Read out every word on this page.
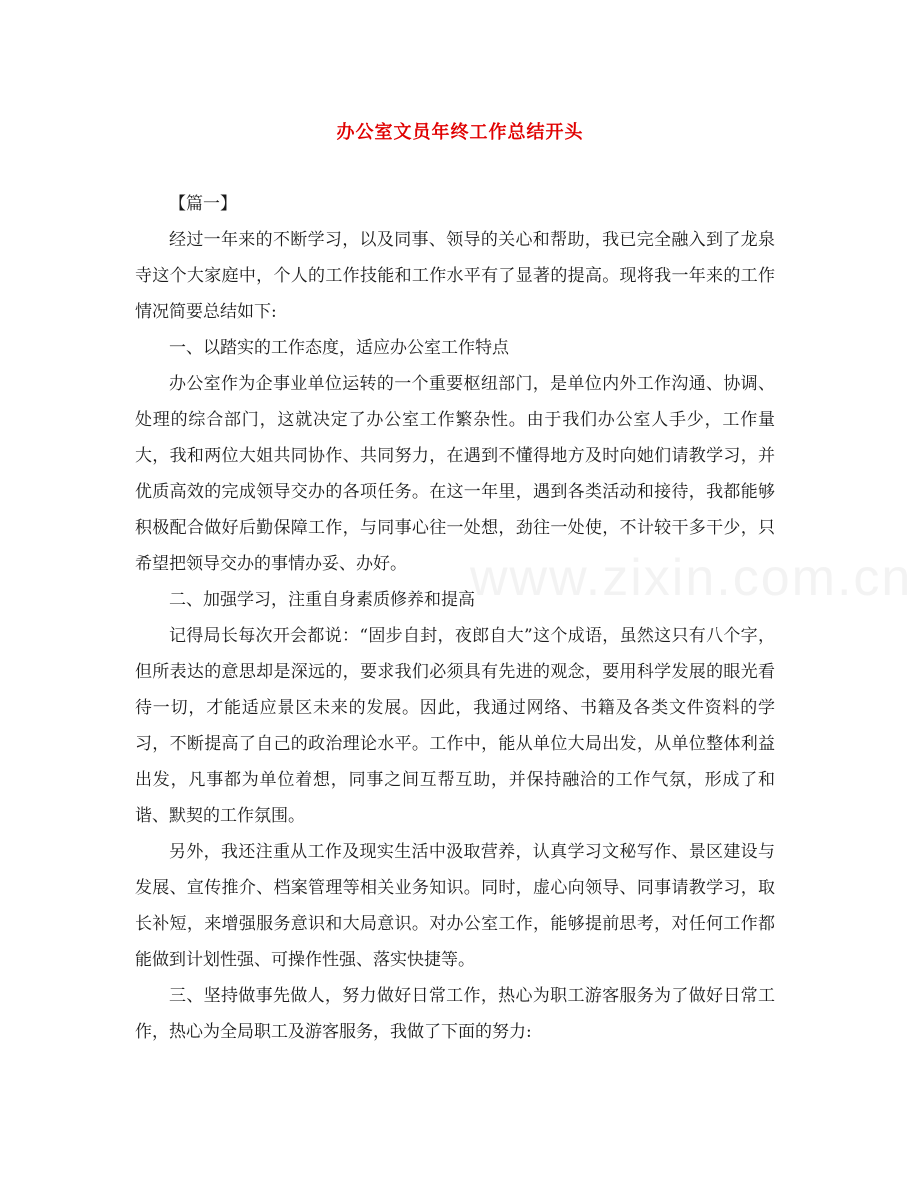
办公室文员年终工作总结开头
www.zixin.com.cn

【篇一】

经过一年来的不断学习，以及同事、领导的关心和帮助，我已完全融入到了龙泉寺这个大家庭中，个人的工作技能和工作水平有了显著的提高。现将我一年来的工作情况简要总结如下:

一、以踏实的工作态度，适应办公室工作特点

办公室作为企事业单位运转的一个重要枢纽部门，是单位内外工作沟通、协调、处理的综合部门，这就决定了办公室工作繁杂性。由于我们办公室人手少，工作量大，我和两位大姐共同协作、共同努力，在遇到不懂得地方及时向她们请教学习，并优质高效的完成领导交办的各项任务。在这一年里，遇到各类活动和接待，我都能够积极配合做好后勤保障工作，与同事心往一处想，劲往一处使，不计较干多干少，只希望把领导交办的事情办妥、办好。

二、加强学习，注重自身素质修养和提高

记得局长每次开会都说：“固步自封，夜郎自大”这个成语，虽然这只有八个字，但所表达的意思却是深远的，要求我们必须具有先进的观念，要用科学发展的眼光看待一切，才能适应景区未来的发展。因此，我通过网络、书籍及各类文件资料的学习，不断提高了自己的政治理论水平。工作中，能从单位大局出发，从单位整体利益出发，凡事都为单位着想，同事之间互帮互助，并保持融洽的工作气氛，形成了和谐、默契的工作氛围。

另外，我还注重从工作及现实生活中汲取营养，认真学习文秘写作、景区建设与发展、宣传推介、档案管理等相关业务知识。同时，虚心向领导、同事请教学习，取长补短，来增强服务意识和大局意识。对办公室工作，能够提前思考，对任何工作都能做到计划性强、可操作性强、落实快捷等。

三、坚持做事先做人，努力做好日常工作，热心为职工游客服务为了做好日常工作，热心为全局职工及游客服务，我做了下面的努力:
